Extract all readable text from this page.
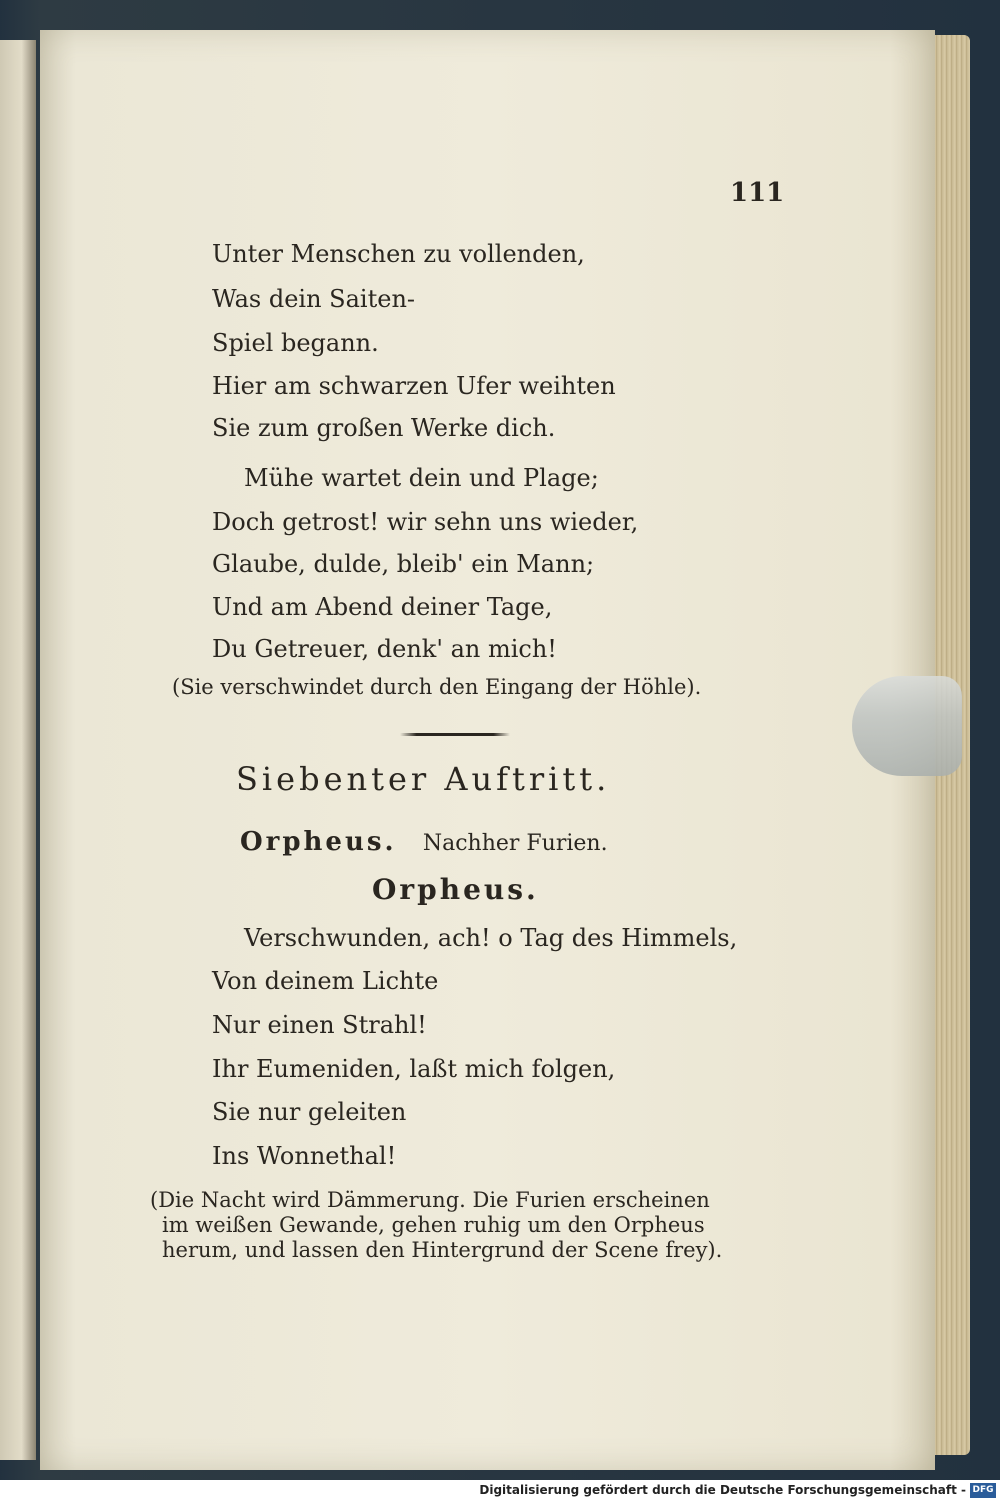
111
Unter Menschen zu vollenden,
Was dein Saiten-
Spiel begann.
Hier am schwarzen Ufer weihten
Sie zum großen Werke dich.
Mühe wartet dein und Plage;
Doch getrost! wir sehn uns wieder,
Glaube, dulde, bleib' ein Mann;
Und am Abend deiner Tage,
Du Getreuer, denk' an mich!
(Sie verschwindet durch den Eingang der Höhle).
Siebenter Auftritt.
Orpheus. Nachher Furien.
Orpheus.
Verschwunden, ach! o Tag des Himmels,
Von deinem Lichte
Nur einen Strahl!
Ihr Eumeniden, laßt mich folgen,
Sie nur geleiten
Ins Wonnethal!
(Die Nacht wird Dämmerung. Die Furien erscheinen
im weißen Gewande, gehen ruhig um den Orpheus
herum, und lassen den Hintergrund der Scene frey).
Digitalisierung gefördert durch die Deutsche Forschungsgemeinschaft - DFG
